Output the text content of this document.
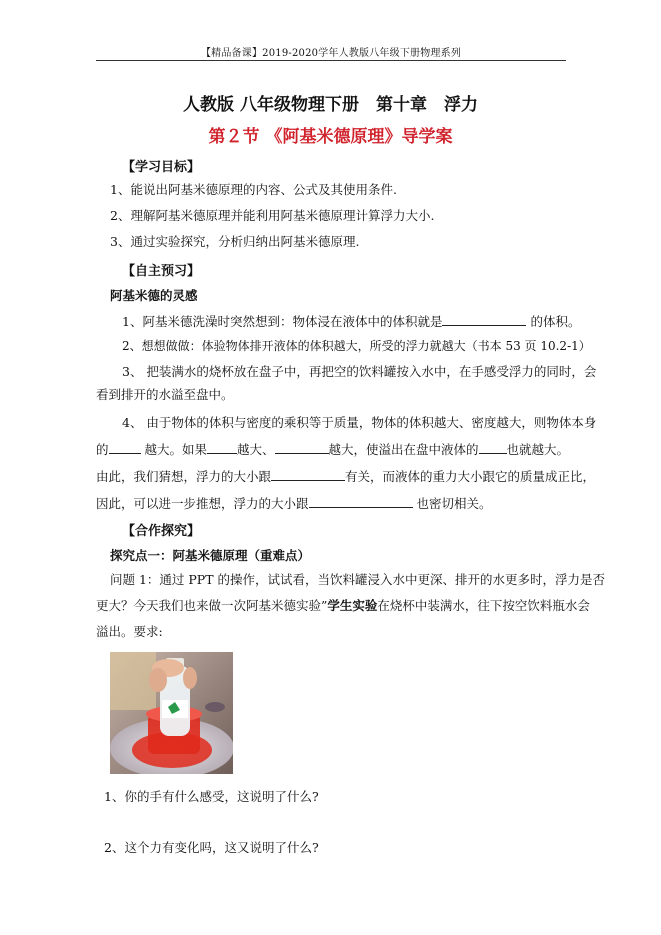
【精品备课】2019-2020学年人教版八年级下册物理系列
人教版 八年级物理下册　第十章　浮力
第２节 《阿基米德原理》导学案
【学习目标】
1、能说出阿基米德原理的内容、公式及其使用条件.
2、理解阿基米德原理并能利用阿基米德原理计算浮力大小.
3、通过实验探究，分析归纳出阿基米德原理.
【自主预习】
阿基米德的灵感
1、阿基米德洗澡时突然想到：物体浸在液体中的体积就是	的体积。
2、想想做做：体验物体排开液体的体积越大，所受的浮力就越大（书本 53 页 10.2-1）
3、 把装满水的烧杯放在盘子中，再把空的饮料罐按入水中，在手感受浮力的同时，会
看到排开的水溢至盘中。
4、 由于物体的体积与密度的乘积等于质量，物体的体积越大、密度越大，则物体本身
的	越大。如果 越大、	越大，使溢出在盘中液体的 也就越大。
由此，我们猜想，浮力的大小跟	有关，而液体的重力大小跟它的质量成正比，
因此，可以进一步推想，浮力的大小跟	也密切相关。
【合作探究】
探究点一：阿基米德原理（重难点）
问题 1：通过 PPT 的操作，试试看，当饮料罐浸入水中更深、排开的水更多时，浮力是否
更大？今天我们也来做一次阿基米德实验”学生实验在烧杯中装满水，往下按空饮料瓶水会
溢出。要求:
1、你的手有什么感受，这说明了什么?
2、这个力有变化吗，这又说明了什么?
